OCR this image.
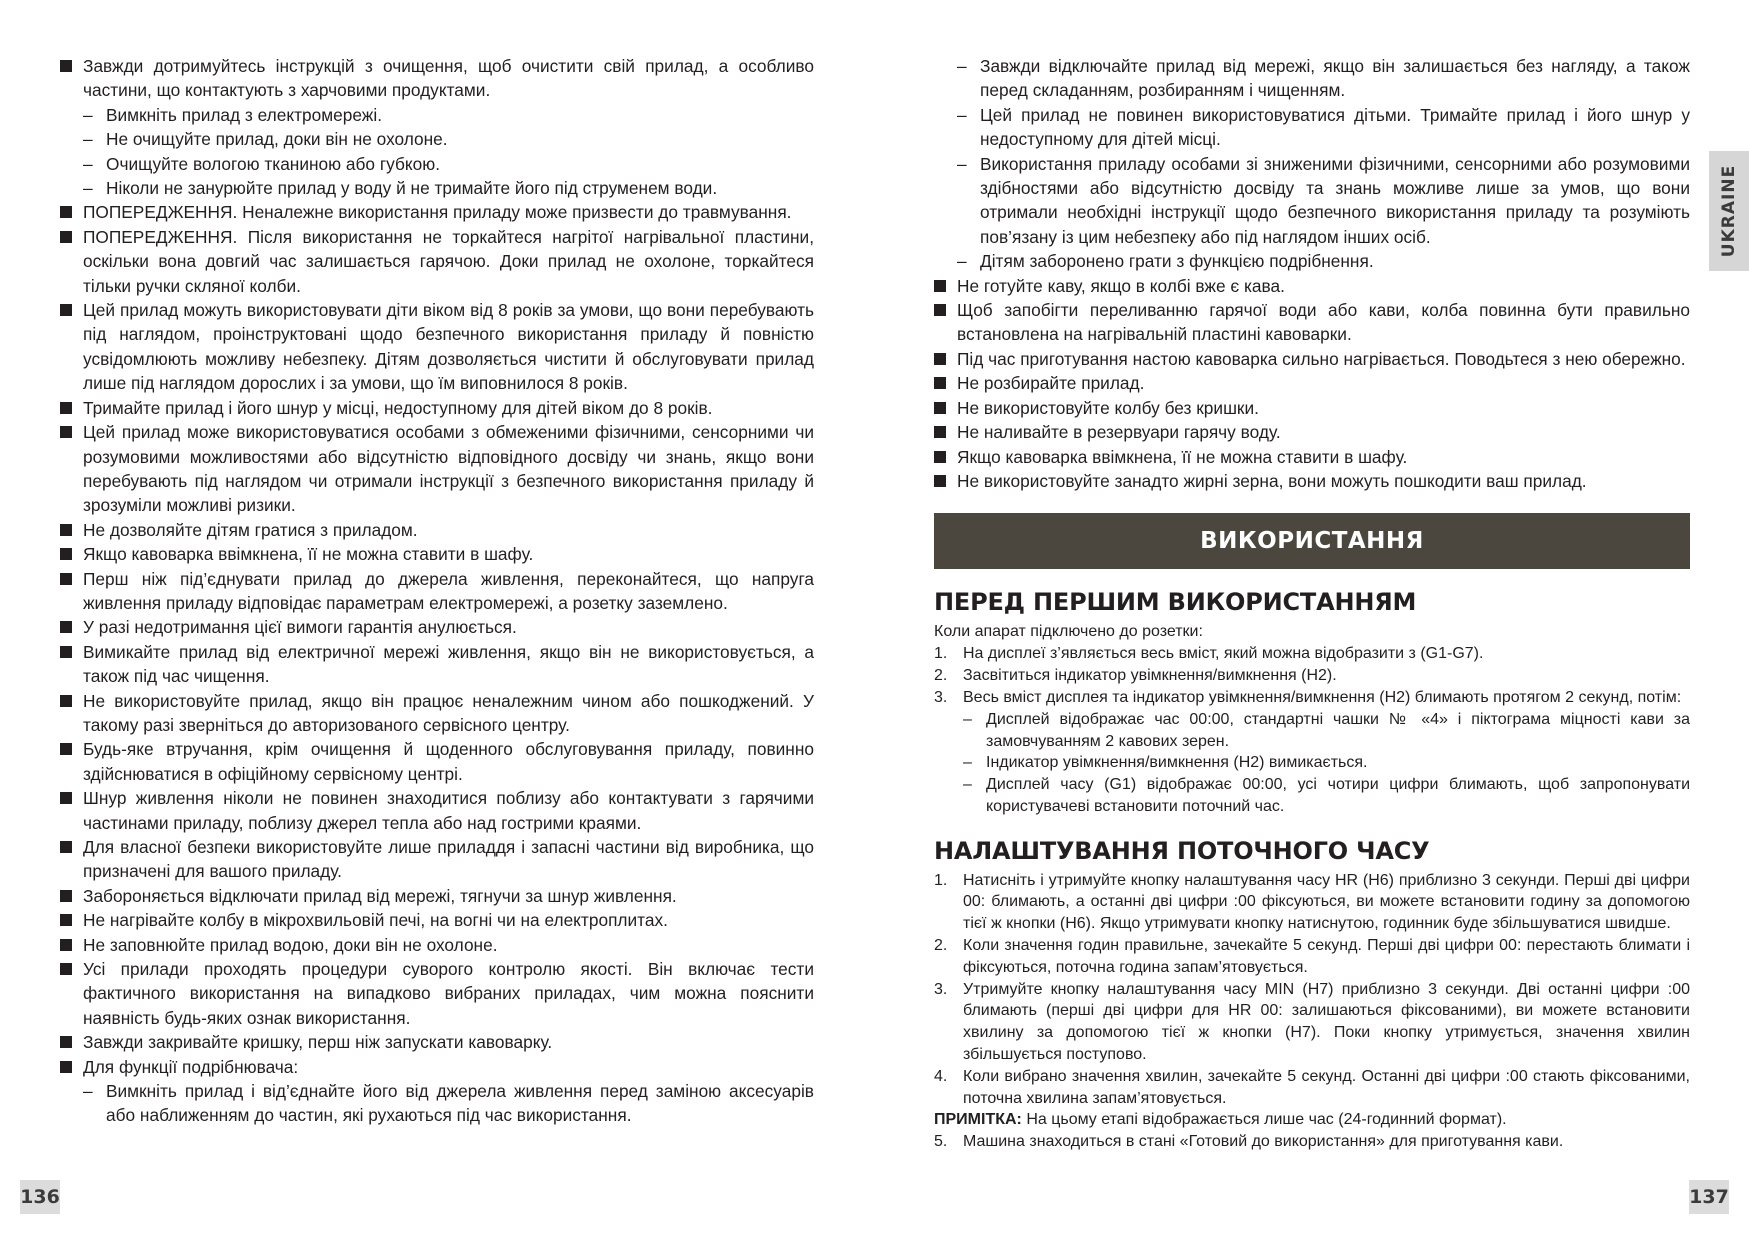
Завжди дотримуйтесь інструкцій з очищення, щоб очистити свій прилад, а особливо частини, що контактують з харчовими продуктами.
– Вимкніть прилад з електромережі.
– Не очищуйте прилад, доки він не охолоне.
– Очищуйте вологою тканиною або губкою.
– Ніколи не занурюйте прилад у воду й не тримайте його під струменем води.
ПОПЕРЕДЖЕННЯ. Неналежне використання приладу може призвести до травмування.
ПОПЕРЕДЖЕННЯ. Після використання не торкайтеся нагрітої нагрівальної пластини, оскільки вона довгий час залишається гарячою. Доки прилад не охолоне, торкайтеся тільки ручки скляної колби.
Цей прилад можуть використовувати діти віком від 8 років за умови, що вони перебувають під наглядом, проінструктовані щодо безпечного використання приладу й повністю усвідомлюють можливу небезпеку. Дітям дозволяється чистити й обслуговувати прилад лише під наглядом дорослих і за умови, що їм виповнилося 8 років.
Тримайте прилад і його шнур у місці, недоступному для дітей віком до 8 років.
Цей прилад може використовуватися особами з обмеженими фізичними, сенсорними чи розумовими можливостями або відсутністю відповідного досвіду чи знань, якщо вони перебувають під наглядом чи отримали інструкції з безпечного використання приладу й зрозуміли можливі ризики.
Не дозволяйте дітям гратися з приладом.
Якщо кавоварка ввімкнена, її не можна ставити в шафу.
Перш ніж під’єднувати прилад до джерела живлення, переконайтеся, що напруга живлення приладу відповідає параметрам електромережі, а розетку заземлено.
У разі недотримання цієї вимоги гарантія анулюється.
Вимикайте прилад від електричної мережі живлення, якщо він не використовується, а також під час чищення.
Не використовуйте прилад, якщо він працює неналежним чином або пошкоджений. У такому разі зверніться до авторизованого сервісного центру.
Будь-яке втручання, крім очищення й щоденного обслуговування приладу, повинно здійснюватися в офіційному сервісному центрі.
Шнур живлення ніколи не повинен знаходитися поблизу або контактувати з гарячими частинами приладу, поблизу джерел тепла або над гострими краями.
Для власної безпеки використовуйте лише приладдя і запасні частини від виробника, що призначені для вашого приладу.
Забороняється відключати прилад від мережі, тягнучи за шнур живлення.
Не нагрівайте колбу в мікрохвильовій печі, на вогні чи на електроплитах.
Не заповнюйте прилад водою, доки він не охолоне.
Усі прилади проходять процедури суворого контролю якості. Він включає тести фактичного використання на випадково вибраних приладах, чим можна пояснити наявність будь-яких ознак використання.
Завжди закривайте кришку, перш ніж запускати кавоварку.
Для функції подрібнювача:
– Вимкніть прилад і від’єднайте його від джерела живлення перед заміною аксесуарів або наближенням до частин, які рухаються під час використання.
136
– Завжди відключайте прилад від мережі, якщо він залишається без нагляду, а також перед складанням, розбиранням і чищенням.
– Цей прилад не повинен використовуватися дітьми. Тримайте прилад і його шнур у недоступному для дітей місці.
– Використання приладу особами зі зниженими фізичними, сенсорними або розумовими здібностями або відсутністю досвіду та знань можливе лише за умов, що вони отримали необхідні інструкції щодо безпечного використання приладу та розуміють пов’язану із цим небезпеку або під наглядом інших осіб.
– Дітям заборонено грати з функцією подрібнення.
Не готуйте каву, якщо в колбі вже є кава.
Щоб запобігти переливанню гарячої води або кави, колба повинна бути правильно встановлена на нагрівальній пластині кавоварки.
Під час приготування настою кавоварка сильно нагрівається. Поводьтеся з нею обережно.
Не розбирайте прилад.
Не використовуйте колбу без кришки.
Не наливайте в резервуари гарячу воду.
Якщо кавоварка ввімкнена, її не можна ставити в шафу.
Не використовуйте занадто жирні зерна, вони можуть пошкодити ваш прилад.
ВИКОРИСТАННЯ
ПЕРЕД ПЕРШИМ ВИКОРИСТАННЯМ

Коли апарат підключено до розетки:

1. На дисплеї з’являється весь вміст, який можна відобразити з (G1-G7).
2. Засвітиться індикатор увімкнення/вимкнення (H2).
3. Весь вміст дисплея та індикатор увімкнення/вимкнення (H2) блимають протягом 2 секунд, потім:
– Дисплей відображає час 00:00, стандартні чашки № «4» і піктограма міцності кави за замовчуванням 2 кавових зерен.
– Індикатор увімкнення/вимкнення (H2) вимикається.
– Дисплей часу (G1) відображає 00:00, усі чотири цифри блимають, щоб запропонувати користувачеві встановити поточний час.
НАЛАШТУВАННЯ ПОТОЧНОГО ЧАСУ
1. Натисніть і утримуйте кнопку налаштування часу HR (H6) приблизно 3 секунди. Перші дві цифри 00: блимають, а останні дві цифри :00 фіксуються, ви можете встановити годину за допомогою тієї ж кнопки (H6). Якщо утримувати кнопку натиснутою, годинник буде збільшуватися швидше.
2. Коли значення годин правильне, зачекайте 5 секунд. Перші дві цифри 00: перестають блимати і фіксуються, поточна година запам’ятовується.
3. Утримуйте кнопку налаштування часу MIN (H7) приблизно 3 секунди. Дві останні цифри :00 блимають (перші дві цифри для HR 00: залишаються фіксованими), ви можете встановити хвилину за допомогою тієї ж кнопки (H7). Поки кнопку утримується, значення хвилин збільшується поступово.
4. Коли вибрано значення хвилин, зачекайте 5 секунд. Останні дві цифри :00 стають фіксованими, поточна хвилина запам’ятовується.

ПРИМІТКА: На цьому етапі відображається лише час (24-годинний формат).

5. Машина знаходиться в стані «Готовий до використання» для приготування кави.
UKRAINE
137
